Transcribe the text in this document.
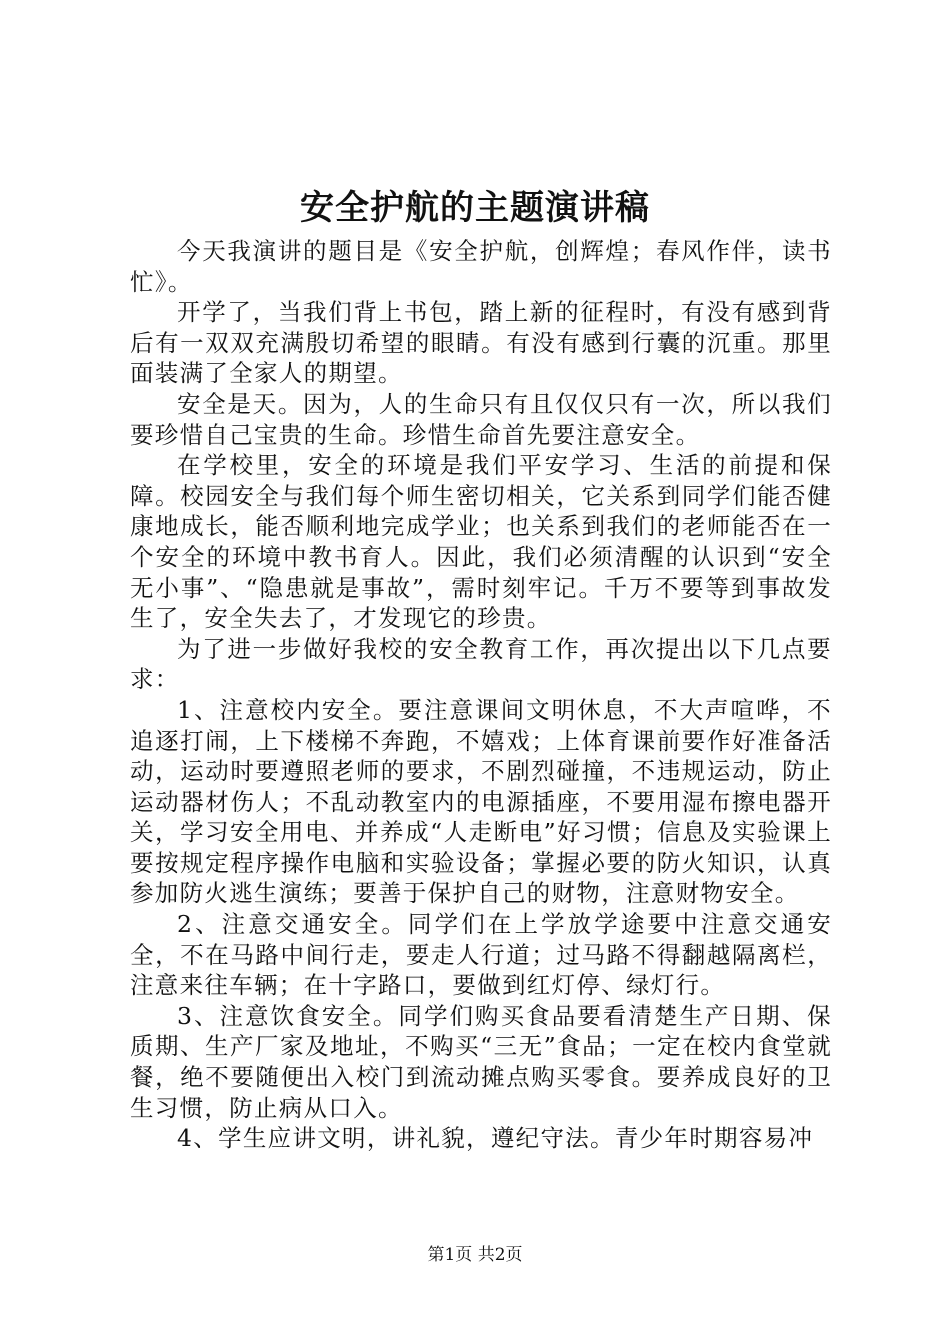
安全护航的主题演讲稿

今天我演讲的题目是《安全护航，创辉煌；春风作伴，读书忙》。

开学了，当我们背上书包，踏上新的征程时，有没有感到背后有一双双充满殷切希望的眼睛。有没有感到行囊的沉重。那里面装满了全家人的期望。

安全是天。因为，人的生命只有且仅仅只有一次，所以我们要珍惜自己宝贵的生命。珍惜生命首先要注意安全。

在学校里，安全的环境是我们平安学习、生活的前提和保障。校园安全与我们每个师生密切相关，它关系到同学们能否健康地成长，能否顺利地完成学业；也关系到我们的老师能否在一个安全的环境中教书育人。因此，我们必须清醒的认识到“安全无小事”、“隐患就是事故”，需时刻牢记。千万不要等到事故发生了，安全失去了，才发现它的珍贵。

为了进一步做好我校的安全教育工作，再次提出以下几点要求：

1、注意校内安全。要注意课间文明休息，不大声喧哗，不追逐打闹，上下楼梯不奔跑，不嬉戏；上体育课前要作好准备活动，运动时要遵照老师的要求，不剧烈碰撞，不违规运动，防止运动器材伤人；不乱动教室内的电源插座，不要用湿布擦电器开关，学习安全用电、并养成“人走断电”好习惯；信息及实验课上要按规定程序操作电脑和实验设备；掌握必要的防火知识，认真参加防火逃生演练；要善于保护自己的财物，注意财物安全。

2、注意交通安全。同学们在上学放学途要中注意交通安全，不在马路中间行走，要走人行道；过马路不得翻越隔离栏，注意来往车辆；在十字路口，要做到红灯停、绿灯行。

3、注意饮食安全。同学们购买食品要看清楚生产日期、保质期、生产厂家及地址，不购买“三无”食品；一定在校内食堂就餐，绝不要随便出入校门到流动摊点购买零食。要养成良好的卫生习惯，防止病从口入。

4、学生应讲文明，讲礼貌，遵纪守法。青少年时期容易冲

第1页 共2页
